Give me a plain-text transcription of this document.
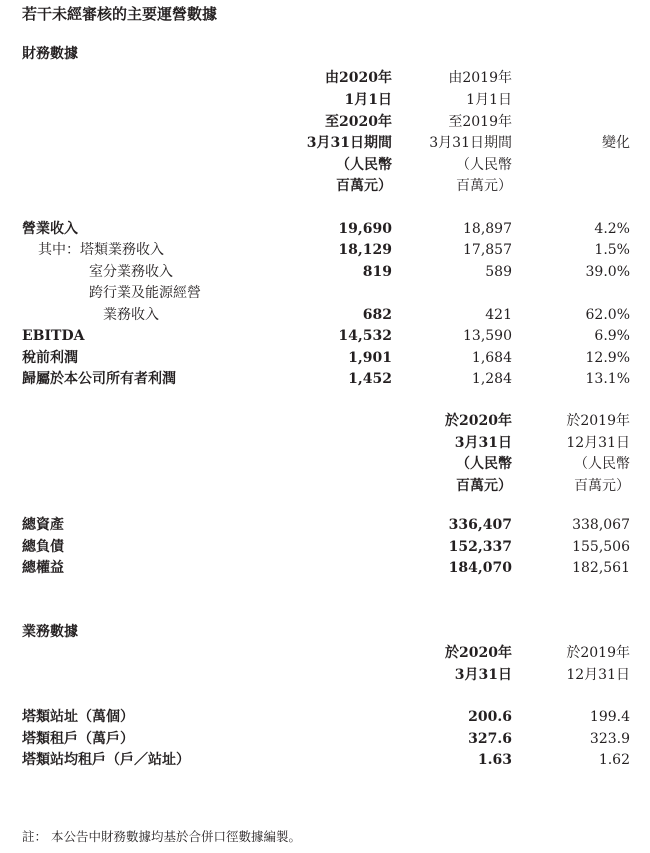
若干未經審核的主要運營數據
財務數據
由2020年
1月1日
至2020年
3月31日期間
（人民幣
百萬元）
由2019年
1月1日
至2019年
3月31日期間
（人民幣
百萬元）
變化
營業收入	19,690	18,897	4.2%
其中：塔類業務收入	18,129	17,857	1.5%
室分業務收入	819	589	39.0%
跨行業及能源經營
業務收入	682	421	62.0%
EBITDA	14,532	13,590	6.9%
稅前利潤	1,901	1,684	12.9%
歸屬於本公司所有者利潤	1,452	1,284	13.1%
於2020年
3月31日
（人民幣
百萬元）
於2019年
12月31日
（人民幣
百萬元）
總資產	336,407	338,067
總負債	152,337	155,506
總權益	184,070	182,561
業務數據
於2020年
3月31日
於2019年
12月31日
塔類站址（萬個）	200.6	199.4
塔類租戶（萬戶）	327.6	323.9
塔類站均租戶（戶／站址）	1.63	1.62
註： 本公告中財務數據均基於合併口徑數據編製。
